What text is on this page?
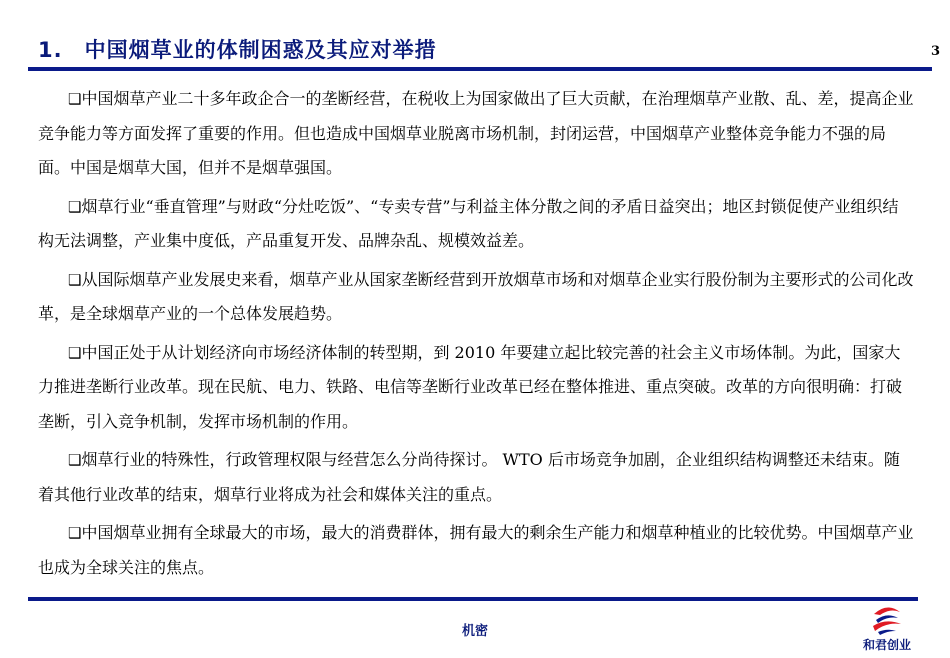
1.　中国烟草业的体制困惑及其应对举措	3

❑中国烟草产业二十多年政企合一的垄断经营，在税收上为国家做出了巨大贡献，在治理烟草产业散、乱、差，提高企业竞争能力等方面发挥了重要的作用。但也造成中国烟草业脱离市场机制，封闭运营，中国烟草产业整体竞争能力不强的局面。中国是烟草大国，但并不是烟草强国。

❑烟草行业“垂直管理”与财政“分灶吃饭”、“专卖专营”与利益主体分散之间的矛盾日益突出；地区封锁促使产业组织结构无法调整，产业集中度低，产品重复开发、品牌杂乱、规模效益差。

❑从国际烟草产业发展史来看，烟草产业从国家垄断经营到开放烟草市场和对烟草企业实行股份制为主要形式的公司化改革，是全球烟草产业的一个总体发展趋势。

❑中国正处于从计划经济向市场经济体制的转型期，到 2010 年要建立起比较完善的社会主义市场体制。为此，国家大力推进垄断行业改革。现在民航、电力、铁路、电信等垄断行业改革已经在整体推进、重点突破。改革的方向很明确：打破垄断，引入竞争机制，发挥市场机制的作用。

❑烟草行业的特殊性，行政管理权限与经营怎么分尚待探讨。 WTO 后市场竞争加剧，企业组织结构调整还未结束。随着其他行业改革的结束，烟草行业将成为社会和媒体关注的重点。

❑中国烟草业拥有全球最大的市场，最大的消费群体，拥有最大的剩余生产能力和烟草种植业的比较优势。中国烟草产业也成为全球关注的焦点。

机密
和君创业
